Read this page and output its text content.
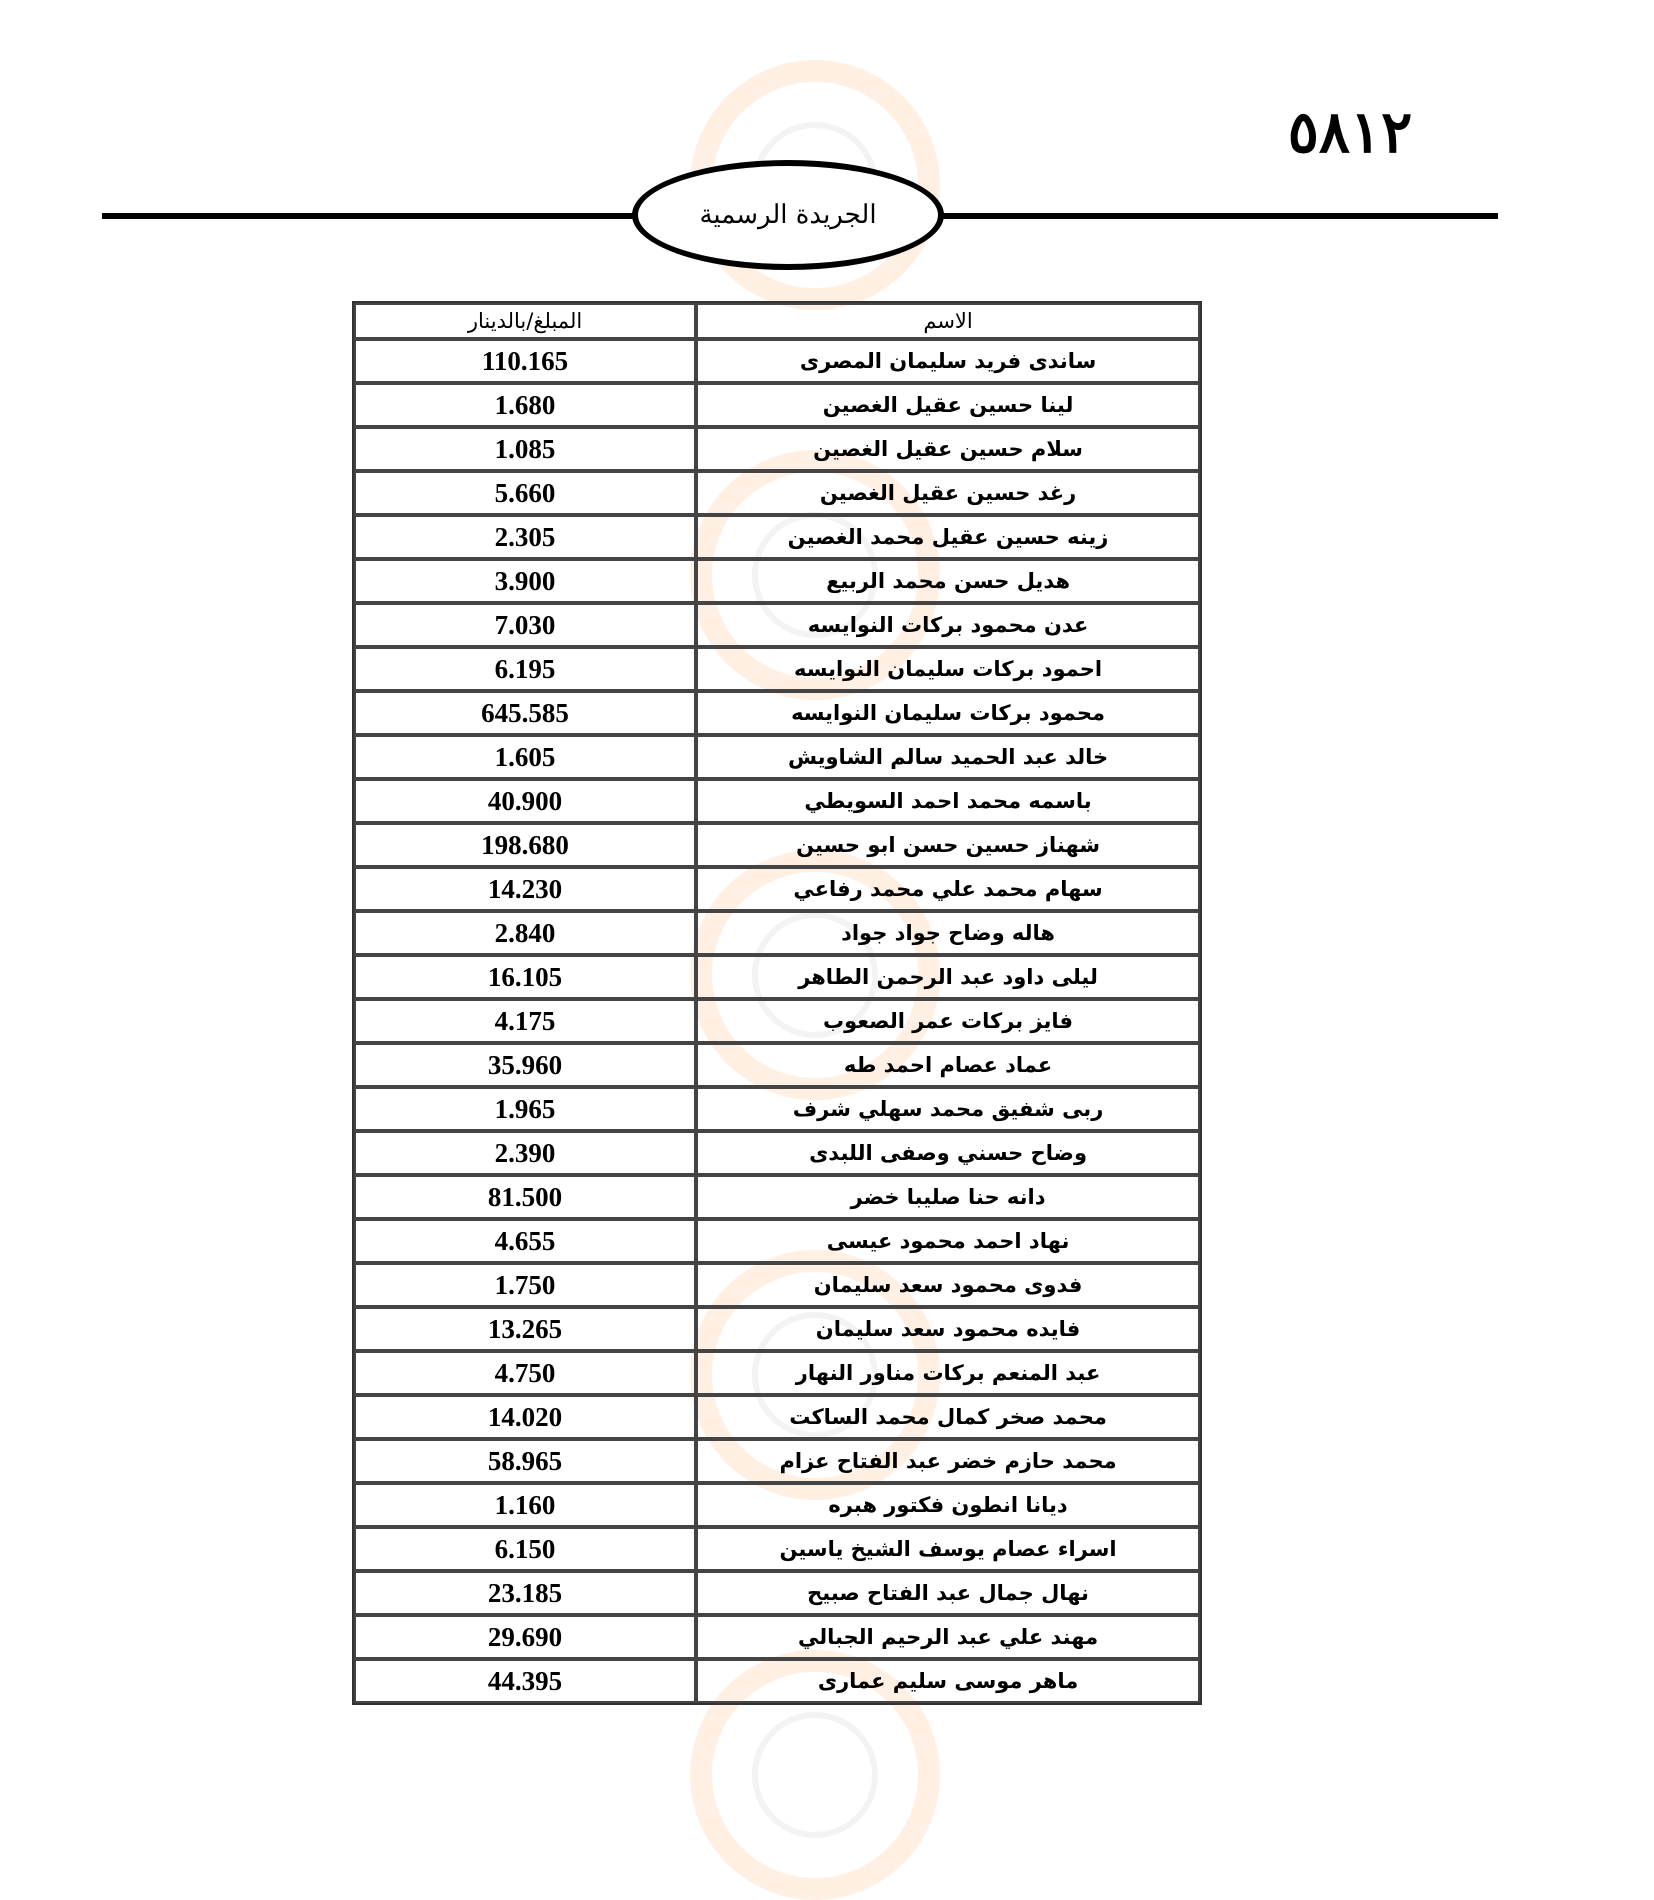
٥٨١٢
الجريدة الرسمية
الاسم	المبلغ/بالدينار
ساندى فريد سليمان المصرى	110.165
لينا حسين عقيل الغصين	1.680
سلام حسين عقيل الغصين	1.085
رغد حسين عقيل الغصين	5.660
زينه حسين عقيل محمد الغصين	2.305
هديل حسن محمد الربيع	3.900
عدن محمود بركات النوايسه	7.030
احمود بركات سليمان النوايسه	6.195
محمود بركات سليمان النوايسه	645.585
خالد عبد الحميد سالم الشاويش	1.605
باسمه محمد احمد السويطي	40.900
شهناز حسين حسن ابو حسين	198.680
سهام محمد علي محمد رفاعي	14.230
هاله وضاح جواد جواد	2.840
ليلى داود عبد الرحمن الطاهر	16.105
فايز بركات عمر الصعوب	4.175
عماد عصام احمد طه	35.960
ربى شفيق محمد سهلي شرف	1.965
وضاح حسني وصفى اللبدى	2.390
دانه حنا صليبا خضر	81.500
نهاد احمد محمود عيسى	4.655
فدوى محمود سعد سليمان	1.750
فايده محمود سعد سليمان	13.265
عبد المنعم بركات مناور النهار	4.750
محمد صخر كمال محمد الساكت	14.020
محمد حازم خضر عبد الفتاح عزام	58.965
ديانا انطون فكتور هبره	1.160
اسراء عصام يوسف الشيخ ياسين	6.150
نهال جمال عبد الفتاح صبيح	23.185
مهند علي عبد الرحيم الجبالي	29.690
ماهر موسى سليم عمارى	44.395
